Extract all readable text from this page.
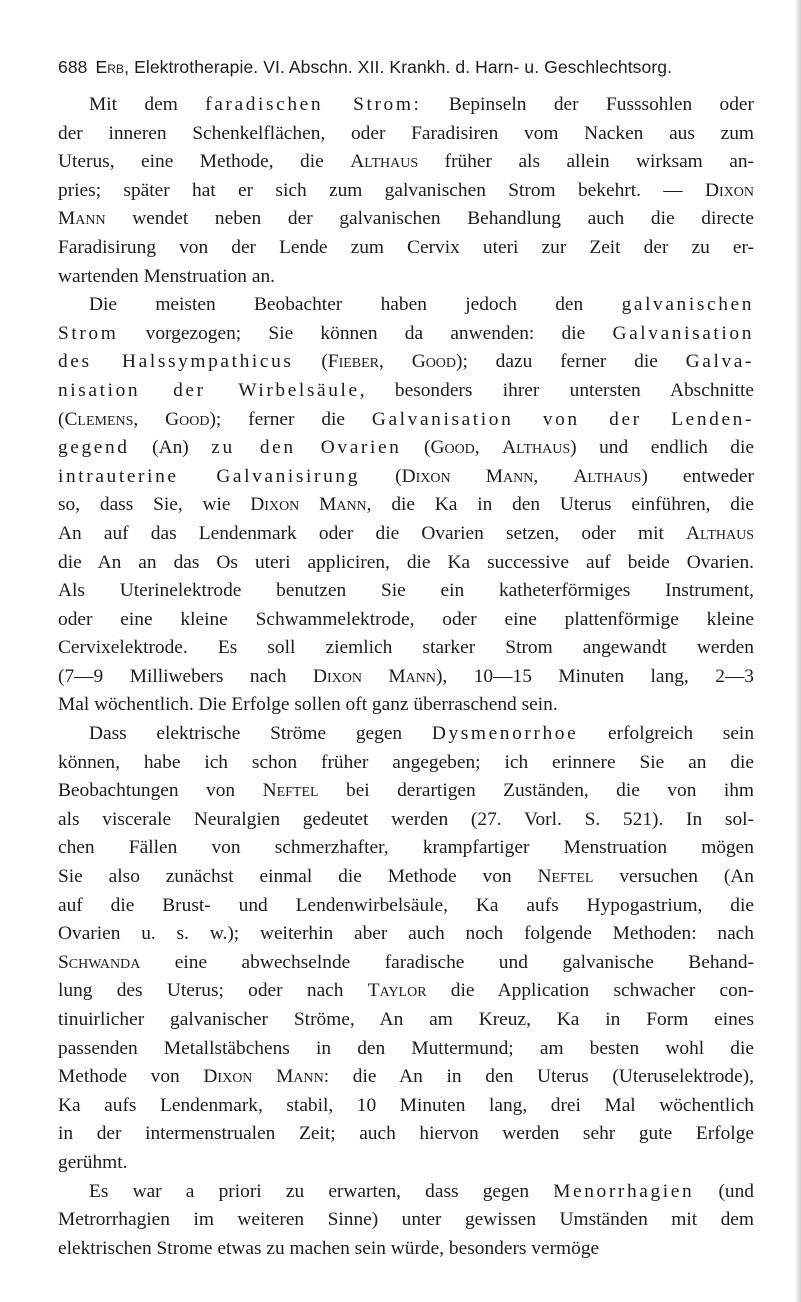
688 Erb, Elektrotherapie. VI. Abschn. XII. Krankh. d. Harn- u. Geschlechtsorg.
Mit dem faradischen Strom: Bepinseln der Fusssohlen oder
der inneren Schenkelflächen, oder Faradisiren vom Nacken aus zum
Uterus, eine Methode, die Althaus früher als allein wirksam an-
pries; später hat er sich zum galvanischen Strom bekehrt. — Dixon
Mann wendet neben der galvanischen Behandlung auch die directe
Faradisirung von der Lende zum Cervix uteri zur Zeit der zu er-
wartenden Menstruation an.
Die meisten Beobachter haben jedoch den galvanischen
Strom vorgezogen; Sie können da anwenden: die Galvanisation
des Halssympathicus (Fieber, Good); dazu ferner die Galva-
nisation der Wirbelsäule, besonders ihrer untersten Abschnitte
(Clemens, Good); ferner die Galvanisation von der Lenden-
gegend (An) zu den Ovarien (Good, Althaus) und endlich die
intrauterine Galvanisirung (Dixon Mann, Althaus) entweder
so, dass Sie, wie Dixon Mann, die Ka in den Uterus einführen, die
An auf das Lendenmark oder die Ovarien setzen, oder mit Althaus
die An an das Os uteri appliciren, die Ka successive auf beide Ovarien.
Als Uterinelektrode benutzen Sie ein katheterförmiges Instrument,
oder eine kleine Schwammelektrode, oder eine plattenförmige kleine
Cervixelektrode. Es soll ziemlich starker Strom angewandt werden
(7—9 Milliwebers nach Dixon Mann), 10—15 Minuten lang, 2—3
Mal wöchentlich. Die Erfolge sollen oft ganz überraschend sein.
Dass elektrische Ströme gegen Dysmenorrhoe erfolgreich sein
können, habe ich schon früher angegeben; ich erinnere Sie an die
Beobachtungen von Neftel bei derartigen Zuständen, die von ihm
als viscerale Neuralgien gedeutet werden (27. Vorl. S. 521). In sol-
chen Fällen von schmerzhafter, krampfartiger Menstruation mögen
Sie also zunächst einmal die Methode von Neftel versuchen (An
auf die Brust- und Lendenwirbelsäule, Ka aufs Hypogastrium, die
Ovarien u. s. w.); weiterhin aber auch noch folgende Methoden: nach
Schwanda eine abwechselnde faradische und galvanische Behand-
lung des Uterus; oder nach Taylor die Application schwacher con-
tinuirlicher galvanischer Ströme, An am Kreuz, Ka in Form eines
passenden Metallstäbchens in den Muttermund; am besten wohl die
Methode von Dixon Mann: die An in den Uterus (Uteruselektrode),
Ka aufs Lendenmark, stabil, 10 Minuten lang, drei Mal wöchentlich
in der intermenstrualen Zeit; auch hiervon werden sehr gute Erfolge
gerühmt.
Es war a priori zu erwarten, dass gegen Menorrhagien (und
Metrorrhagien im weiteren Sinne) unter gewissen Umständen mit dem
elektrischen Strome etwas zu machen sein würde, besonders vermöge
